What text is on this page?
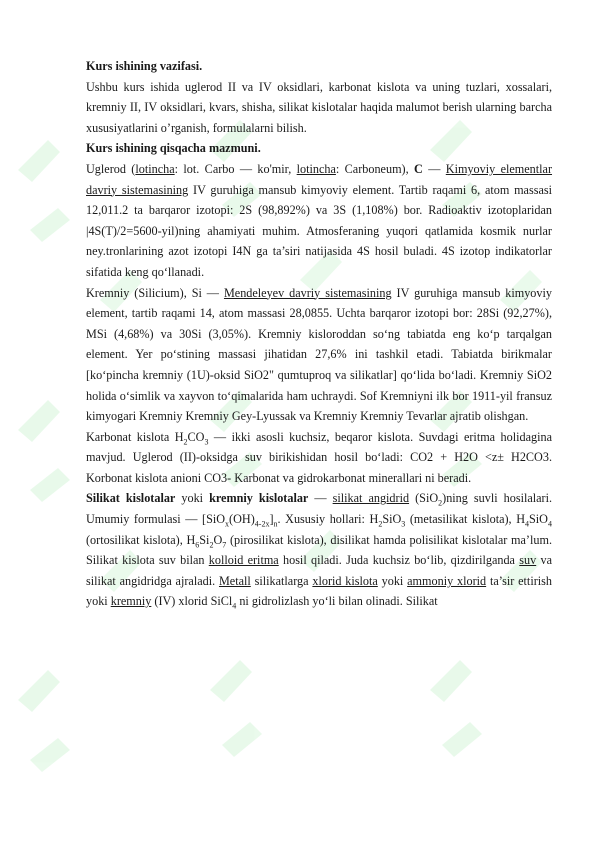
Kurs ishining vazifasi.

Ushbu kurs ishida uglerod II va IV oksidlari, karbonat kislota va uning tuzlari, xossalari, kremniy II, IV oksidlari, kvars, shisha, silikat kislotalar haqida malumot berish ularning barcha xususiyatlarini o’rganish, formulalarni bilish.

Kurs ishining qisqacha mazmuni.

Uglerod (lotincha: lot. Carbo — ko'mir, lotincha: Carboneum), C — Kimyoviy elementlar davriy sistemasining IV guruhiga mansub kimyoviy element. Tartib raqami 6, atom massasi 12,011.2 ta barqaror izotopi: 2S (98,892%) va 3S (1,108%) bor. Radioaktiv izotoplaridan |4S(T)/2=5600-yil)ning ahamiyati muhim. Atmosferaning yuqori qatlamida kosmik nurlar ney.tronlarining azot izotopi I4N ga ta’siri natijasida 4S hosil buladi. 4S izotop indikatorlar sifatida keng qo‘llanadi.

Kremniy (Silicium), Si — Mendeleyev davriy sistemasining IV guruhiga mansub kimyoviy element, tartib raqami 14, atom massasi 28,0855. Uchta barqaror izotopi bor: 28Si (92,27%), MSi (4,68%) va 30Si (3,05%). Kremniy kisloroddan so‘ng tabiatda eng ko‘p tarqalgan element. Yer po‘stining massasi jihatidan 27,6% ini tashkil etadi. Tabiatda birikmalar [ko‘pincha kremniy (1U)-oksid SiO2" qumtuproq va silikatlar] qo‘lida bo‘ladi. Kremniy SiO2 holida o‘simlik va xayvon to‘qimalarida ham uchraydi. Sof Kremniyni ilk bor 1911-yil fransuz kimyogari Kremniy Kremniy Gey-Lyussak va Kremniy Kremniy Tevarlar ajratib olishgan.

Karbonat kislota $H_2CO_3$ — ikki asosli kuchsiz, beqaror kislota. Suvdagi eritma holidagina mavjud. Uglerod (II)-oksidga suv birikishidan hosil bo‘ladi: CO2 + H2O <z± H2CO3. Korbonat kislota anioni CO3- Karbonat va gidrokarbonat minerallari ni beradi.

Silikat kislotalar yoki kremniy kislotalar — silikat angidrid (SiO$_2$)ning suvli hosilalari. Umumiy formulasi — $[SiO_x(OH)_{4-2x}]_n$. Xususiy hollari: $H_2SiO_3$ (metasilikat kislota), $H_4SiO_4$ (ortosilikat kislota), $H_6Si_2O_7$ (pirosilikat kislota), disilikat hamda polisilikat kislotalar ma’lum. Silikat kislota suv bilan kolloid eritma hosil qiladi. Juda kuchsiz bo‘lib, qizdirilganda suv va silikat angidridga ajraladi. Metall silikatlarga xlorid kislota yoki ammoniy xlorid ta’sir ettirish yoki kremniy (IV) xlorid SiCl$_4$ ni gidrolizlash yo‘li bilan olinadi. Silikat
